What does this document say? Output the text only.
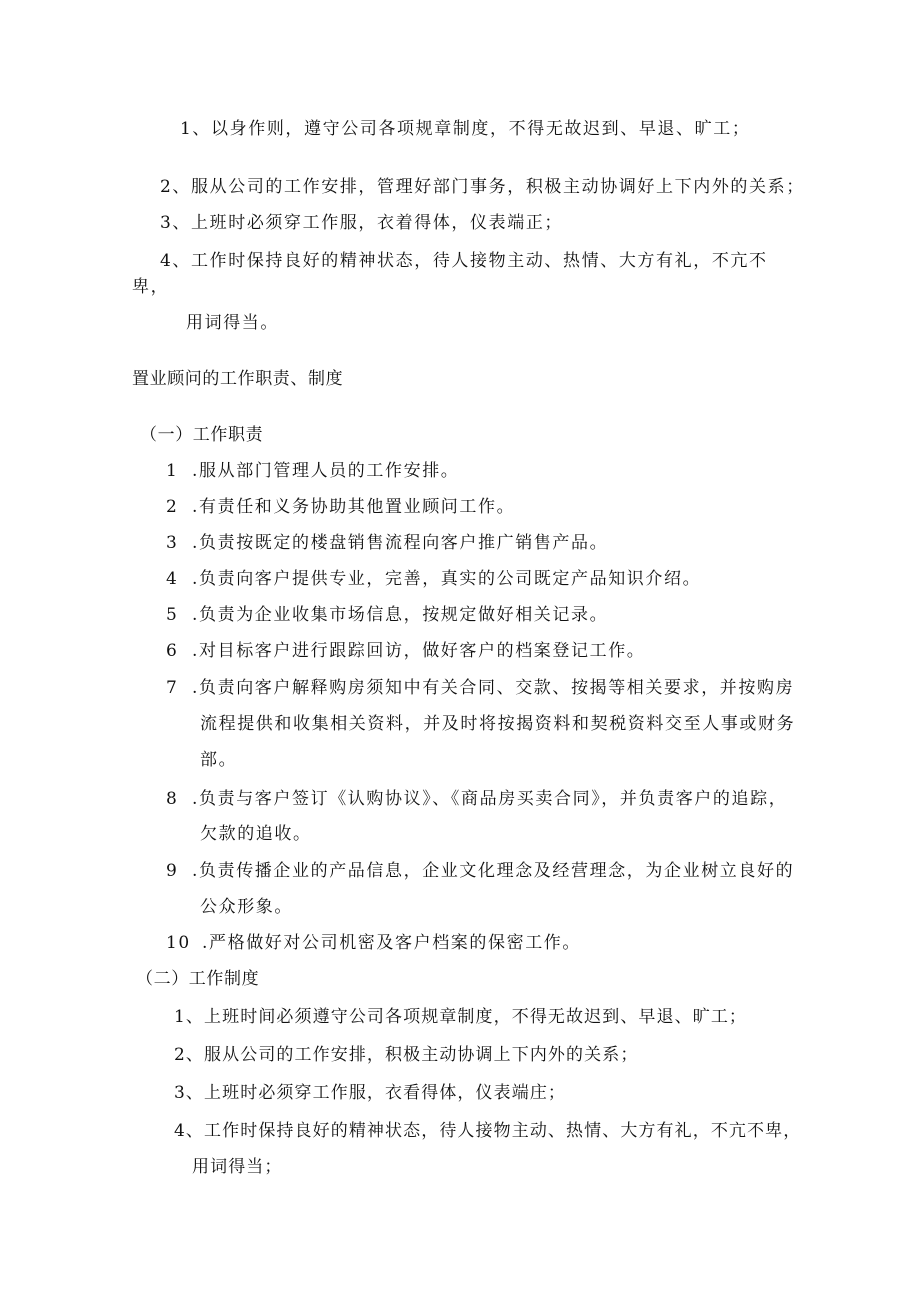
1、以身作则，遵守公司各项规章制度，不得无故迟到、早退、旷工；

2、服从公司的工作安排，管理好部门事务，积极主动协调好上下内外的关系；

3、上班时必须穿工作服，衣着得体，仪表端正；

4、工作时保持良好的精神状态，待人接物主动、热情、大方有礼，不亢不

卑，

用词得当。

置业顾问的工作职责、制度

（一）工作职责

1 .服从部门管理人员的工作安排。

2 .有责任和义务协助其他置业顾问工作。

3 .负责按既定的楼盘销售流程向客户推广销售产品。

4 .负责向客户提供专业，完善，真实的公司既定产品知识介绍。

5 .负责为企业收集市场信息，按规定做好相关记录。

6 .对目标客户进行跟踪回访，做好客户的档案登记工作。

7 .负责向客户解释购房须知中有关合同、交款、按揭等相关要求，并按购房

流程提供和收集相关资料，并及时将按揭资料和契税资料交至人事或财务

部。

8 .负责与客户签订《认购协议》、《商品房买卖合同》，并负责客户的追踪，

欠款的追收。

9 .负责传播企业的产品信息，企业文化理念及经营理念，为企业树立良好的

公众形象。

10 .严格做好对公司机密及客户档案的保密工作。

（二）工作制度

1、上班时间必须遵守公司各项规章制度，不得无故迟到、早退、旷工；

2、服从公司的工作安排，积极主动协调上下内外的关系；

3、上班时必须穿工作服，衣看得体，仪表端庄；

4、工作时保持良好的精神状态，待人接物主动、热情、大方有礼，不亢不卑，

用词得当；
